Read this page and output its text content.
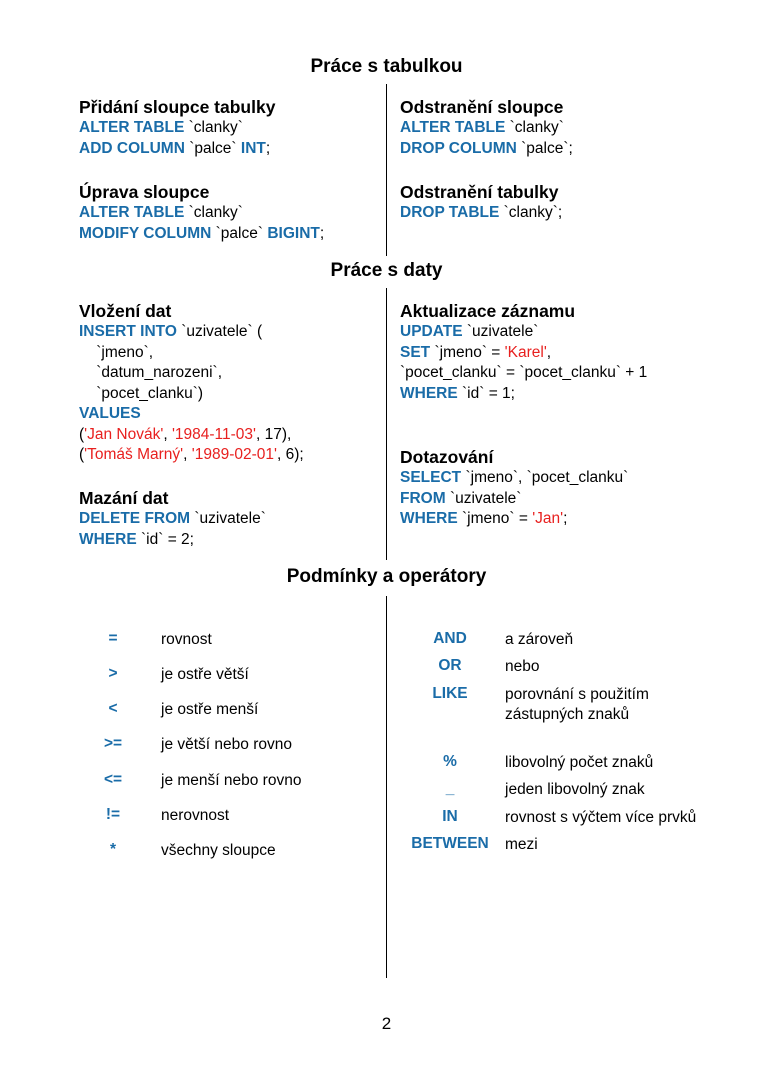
Práce s tabulkou
Práce s daty
Podmínky a operátory
Přidání sloupce tabulky
ALTER TABLE `clanky`
ADD COLUMN `palce` INT;
Úprava sloupce
ALTER TABLE `clanky`
MODIFY COLUMN `palce` BIGINT;
Odstranění sloupce
ALTER TABLE `clanky`
DROP COLUMN `palce`;
Odstranění tabulky
DROP TABLE `clanky`;
Vložení dat
INSERT INTO `uzivatele` (
`jmeno`,
`datum_narozeni`,
`pocet_clanku`)
VALUES
('Jan Novák', '1984-11-03', 17),
('Tomáš Marný', '1989-02-01', 6);
Mazání dat
DELETE FROM `uzivatele`
WHERE `id` = 2;
Aktualizace záznamu
UPDATE `uzivatele`
SET `jmeno` = 'Karel',
`pocet_clanku` = `pocet_clanku` + 1
WHERE `id` = 1;
Dotazování
SELECT `jmeno`, `pocet_clanku`
FROM `uzivatele`
WHERE `jmeno` = 'Jan';
=	rovnost
>	je ostře větší
<	je ostře menší
>=	je větší nebo rovno
<=	je menší nebo rovno
!=	nerovnost
*	všechny sloupce
AND	a zároveň
OR	nebo
LIKE	porovnání s použitím zástupných znaků
%	libovolný počet znaků
_	jeden libovolný znak
IN	rovnost s výčtem více prvků
BETWEEN	mezi
2
